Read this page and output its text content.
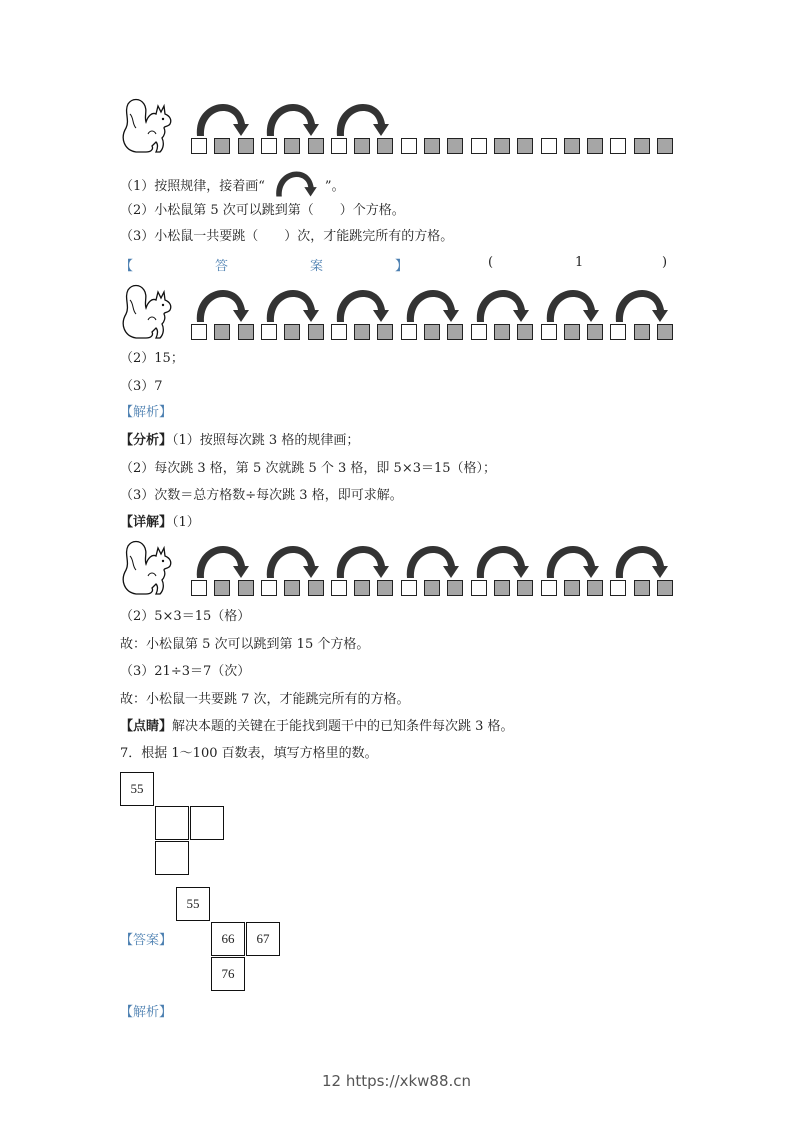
（1）按照规律，接着画“	”。
（2）小松鼠第 5 次可以跳到第（　　）个方格。
（3）小松鼠一共要跳（　　）次，才能跳完所有的方格。
【	答	案	】	(	1	)
（2）15；
（3）7
【解析】
【分析】（1）按照每次跳 3 格的规律画；
（2）每次跳 3 格，第 5 次就跳 5 个 3 格，即 5×3＝15（格）；
（3）次数＝总方格数÷每次跳 3 格，即可求解。
【详解】（1）
（2）5×3＝15（格）
故：小松鼠第 5 次可以跳到第 15 个方格。
（3）21÷3＝7（次）
故：小松鼠一共要跳 7 次，才能跳完所有的方格。
【点睛】解决本题的关键在于能找到题干中的已知条件每次跳 3 格。
7．根据 1～100 百数表，填写方格里的数。
55
【答案】
55
66	67
76
【解析】
12 https://xkw88.cn
